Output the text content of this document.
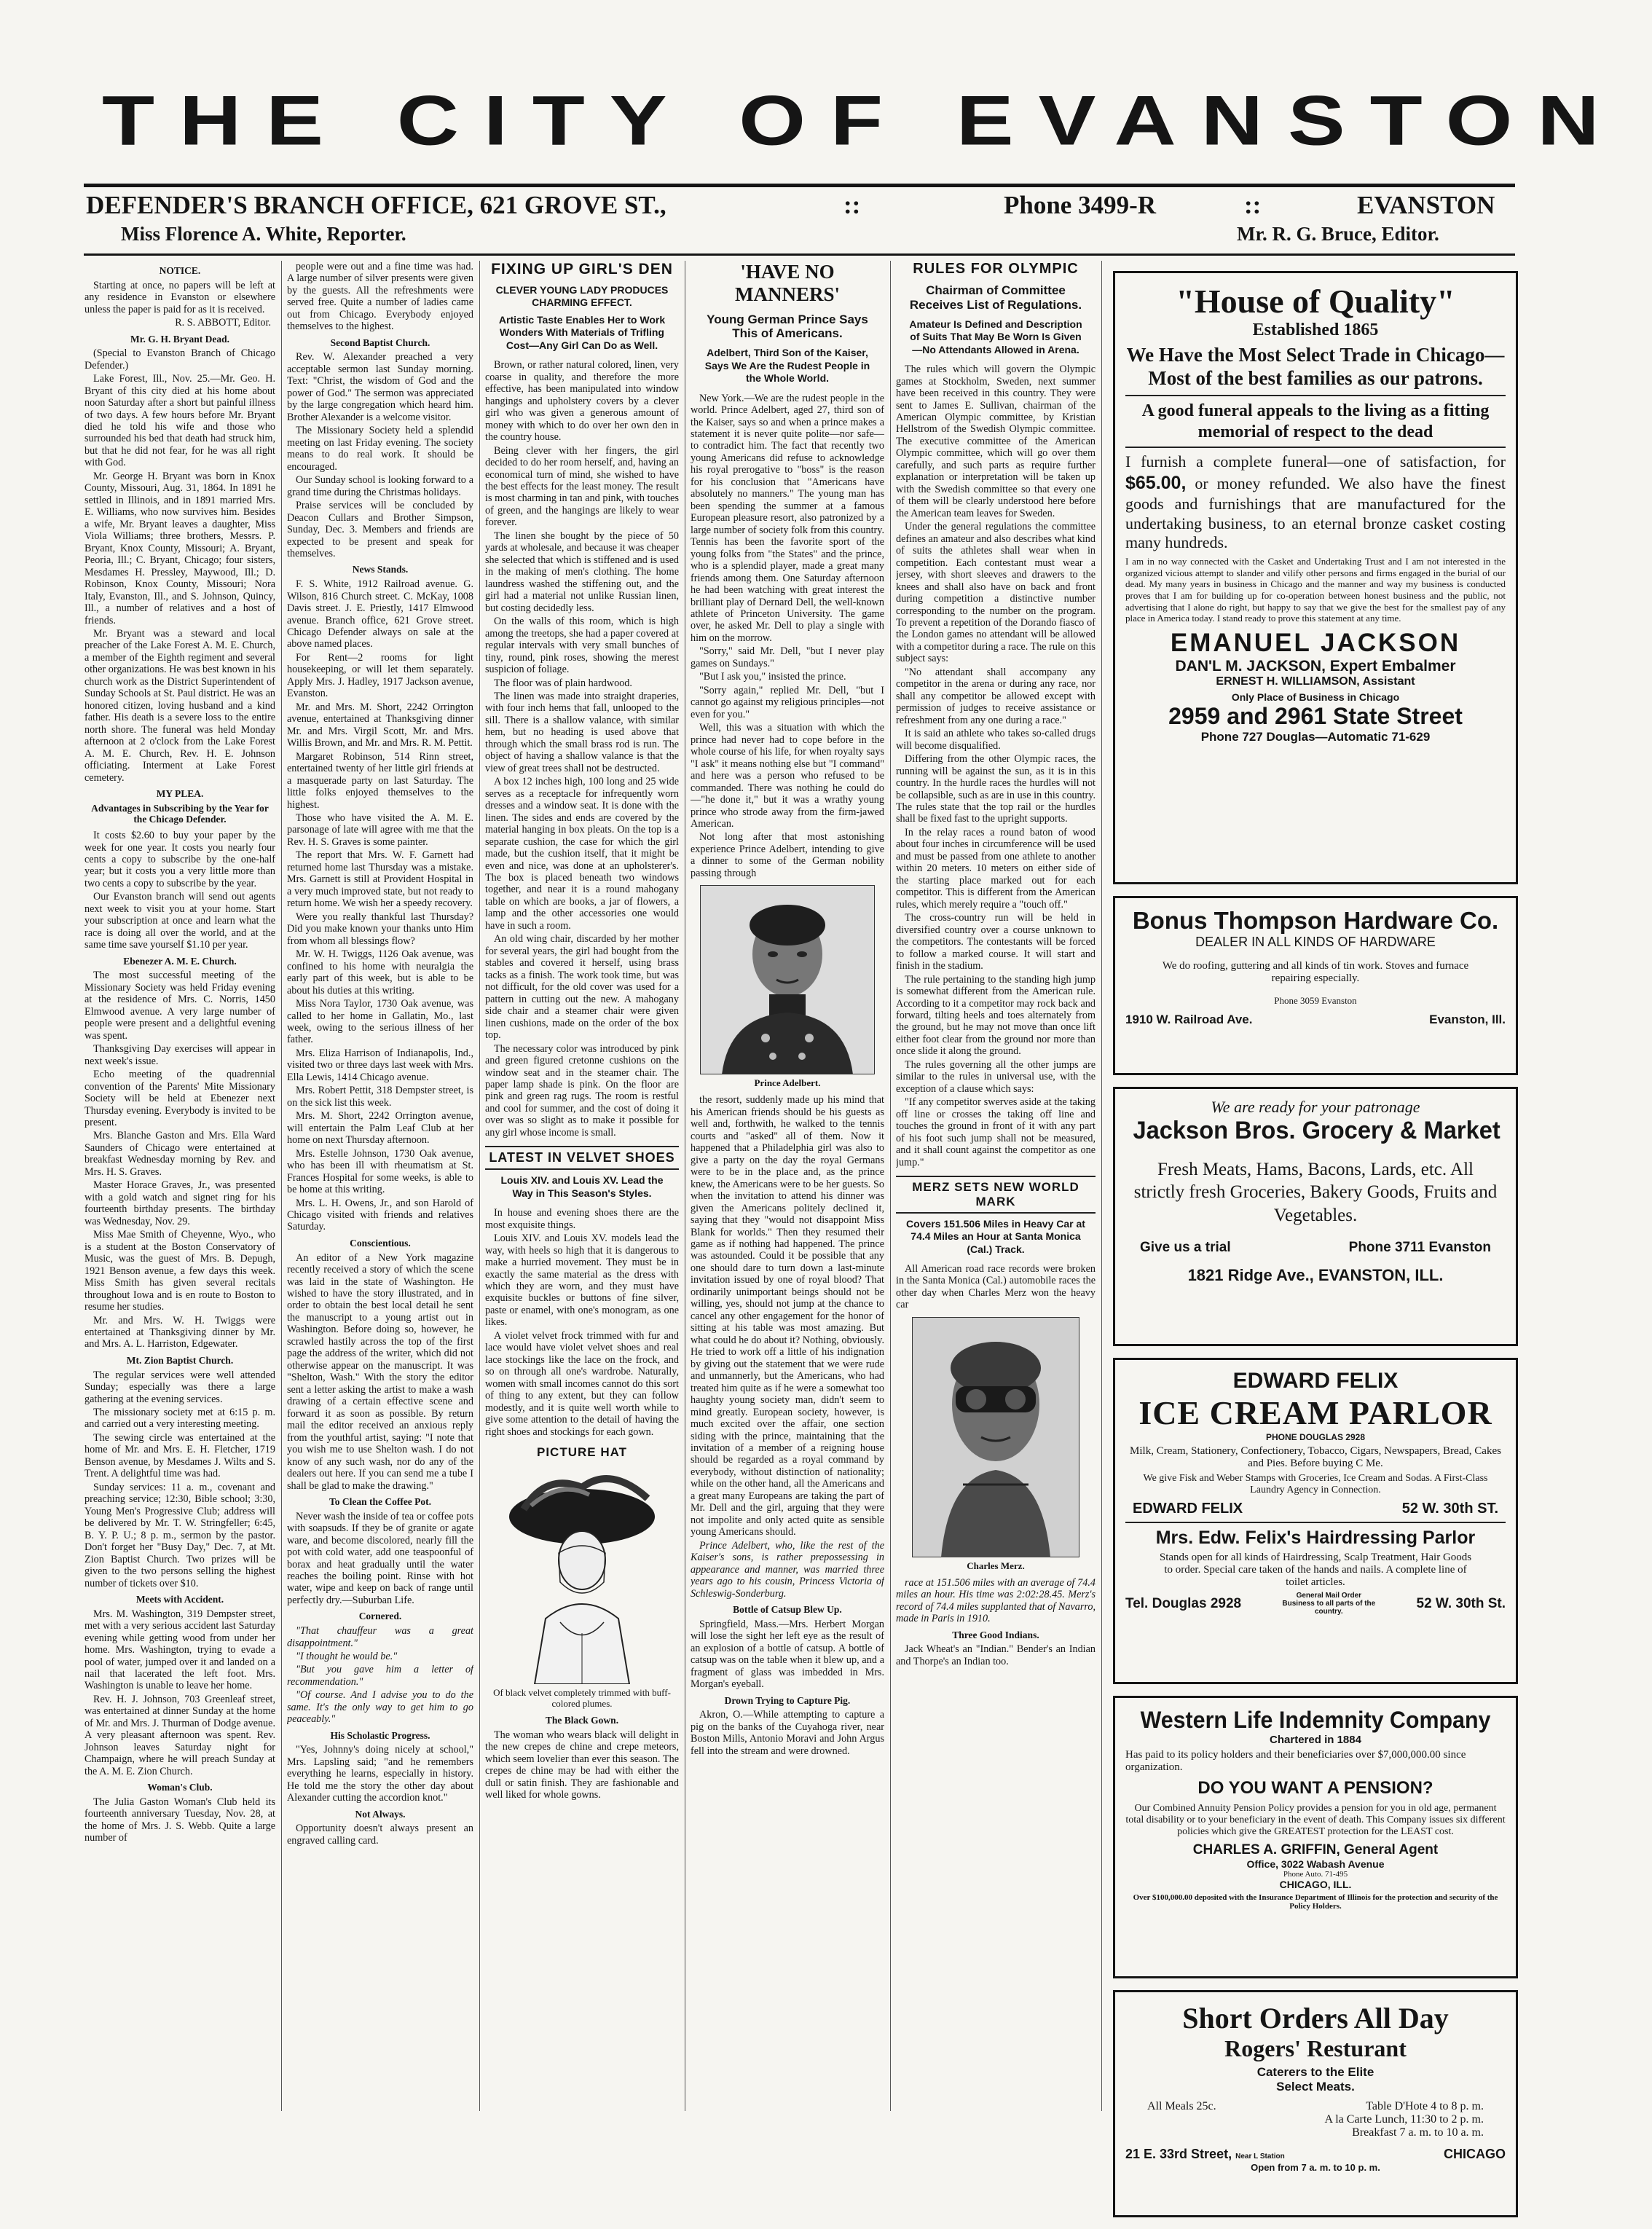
THE CITY OF EVANSTON
DEFENDER'S BRANCH OFFICE, 621 GROVE ST.,	::	Phone 3499-R	::	EVANSTON
Miss Florence A. White, Reporter.	Mr. R. G. Bruce, Editor.
NOTICE.

Starting at once, no papers will be left at any residence in Evanston or elsewhere unless the paper is paid for as it is received.

R. S. ABBOTT, Editor.
Mr. G. H. Bryant Dead.

(Special to Evanston Branch of Chicago Defender.)

Lake Forest, Ill., Nov. 25.—Mr. Geo. H. Bryant of this city died at his home about noon Saturday after a short but painful illness of two days. A few hours before Mr. Bryant died he told his wife and those who surrounded his bed that death had struck him, but that he did not fear, for he was all right with God.

Mr. George H. Bryant was born in Knox County, Missouri, Aug. 31, 1864. In 1891 he settled in Illinois, and in 1891 married Mrs. E. Williams, who now survives him. Besides a wife, Mr. Bryant leaves a daughter, Miss Viola Williams; three brothers, Messrs. P. Bryant, Knox County, Missouri; A. Bryant, Peoria, Ill.; C. Bryant, Chicago; four sisters, Mesdames H. Pressley, Maywood, Ill.; D. Robinson, Knox County, Missouri; Nora Italy, Evanston, Ill., and S. Johnson, Quincy, Ill., a number of relatives and a host of friends.

Mr. Bryant was a steward and local preacher of the Lake Forest A. M. E. Church, a member of the Eighth regiment and several other organizations. He was best known in his church work as the District Superintendent of Sunday Schools at St. Paul district. He was an honored citizen, loving husband and a kind father. His death is a severe loss to the entire north shore. The funeral was held Monday afternoon at 2 o'clock from the Lake Forest A. M. E. Church, Rev. H. E. Johnson officiating. Interment at Lake Forest cemetery.

MY PLEA.
Advantages in Subscribing by the Year for the Chicago Defender.

It costs $2.60 to buy your paper by the week for one year. It costs you nearly four cents a copy to subscribe by the one-half year; but it costs you a very little more than two cents a copy to subscribe by the year.

Our Evanston branch will send out agents next week to visit you at your home. Start your subscription at once and learn what the race is doing all over the world, and at the same time save yourself $1.10 per year.

Ebenezer A. M. E. Church.

The most successful meeting of the Missionary Society was held Friday evening at the residence of Mrs. C. Norris, 1450 Elmwood avenue. A very large number of people were present and a delightful evening was spent.

Thanksgiving Day exercises will appear in next week's issue.

Echo meeting of the quadrennial convention of the Parents' Mite Missionary Society will be held at Ebenezer next Thursday evening. Everybody is invited to be present.

Mrs. Blanche Gaston and Mrs. Ella Ward Saunders of Chicago were entertained at breakfast Wednesday morning by Rev. and Mrs. H. S. Graves.

Master Horace Graves, Jr., was presented with a gold watch and signet ring for his fourteenth birthday presents. The birthday was Wednesday, Nov. 29.

Miss Mae Smith of Cheyenne, Wyo., who is a student at the Boston Conservatory of Music, was the guest of Mrs. B. Depugh, 1921 Benson avenue, a few days this week. Miss Smith has given several recitals throughout Iowa and is en route to Boston to resume her studies.

Mr. and Mrs. W. H. Twiggs were entertained at Thanksgiving dinner by Mr. and Mrs. A. L. Harriston, Edgewater.

Mt. Zion Baptist Church.

The regular services were well attended Sunday; especially was there a large gathering at the evening services.

The missionary society met at 6:15 p. m. and carried out a very interesting meeting.

The sewing circle was entertained at the home of Mr. and Mrs. E. H. Fletcher, 1719 Benson avenue, by Mesdames J. Wilts and S. Trent. A delightful time was had.

Sunday services: 11 a. m., covenant and preaching service; 12:30, Bible school; 3:30, Young Men's Progressive Club; address will be delivered by Mr. T. W. Stringfeller; 6:45, B. Y. P. U.; 8 p. m., sermon by the pastor. Don't forget her "Busy Day," Dec. 7, at Mt. Zion Baptist Church. Two prizes will be given to the two persons selling the highest number of tickets over $10.

Meets with Accident.

Mrs. M. Washington, 319 Dempster street, met with a very serious accident last Saturday evening while getting wood from under her home. Mrs. Washington, trying to evade a pool of water, jumped over it and landed on a nail that lacerated the left foot. Mrs. Washington is unable to leave her home.

Rev. H. J. Johnson, 703 Greenleaf street, was entertained at dinner Sunday at the home of Mr. and Mrs. J. Thurman of Dodge avenue. A very pleasant afternoon was spent. Rev. Johnson leaves Saturday night for Champaign, where he will preach Sunday at the A. M. E. Zion Church.

Woman's Club.

The Julia Gaston Woman's Club held its fourteenth anniversary Tuesday, Nov. 28, at the home of Mrs. J. S. Webb. Quite a large number of

people were out and a fine time was had. A large number of silver presents were given by the guests. All the refreshments were served free. Quite a number of ladies came out from Chicago. Everybody enjoyed themselves to the highest.

Second Baptist Church.

Rev. W. Alexander preached a very acceptable sermon last Sunday morning. Text: "Christ, the wisdom of God and the power of God." The sermon was appreciated by the large congregation which heard him. Brother Alexander is a welcome visitor.

The Missionary Society held a splendid meeting on last Friday evening. The society means to do real work. It should be encouraged.

Our Sunday school is looking forward to a grand time during the Christmas holidays.

Praise services will be concluded by Deacon Cullars and Brother Simpson, Sunday, Dec. 3. Members and friends are expected to be present and speak for themselves.

News Stands.

F. S. White, 1912 Railroad avenue. G. Wilson, 816 Church street. C. McKay, 1008 Davis street. J. E. Priestly, 1417 Elmwood avenue. Branch office, 621 Grove street. Chicago Defender always on sale at the above named places.

For Rent—2 rooms for light housekeeping, or will let them separately. Apply Mrs. J. Hadley, 1917 Jackson avenue, Evanston.

Mr. and Mrs. M. Short, 2242 Orrington avenue, entertained at Thanksgiving dinner Mr. and Mrs. Virgil Scott, Mr. and Mrs. Willis Brown, and Mr. and Mrs. R. M. Pettit.

Margaret Robinson, 514 Rinn street, entertained twenty of her little girl friends at a masquerade party on last Saturday. The little folks enjoyed themselves to the highest.

Those who have visited the A. M. E. parsonage of late will agree with me that the Rev. H. S. Graves is some painter.

The report that Mrs. W. F. Garnett had returned home last Thursday was a mistake. Mrs. Garnett is still at Provident Hospital in a very much improved state, but not ready to return home. We wish her a speedy recovery.

Were you really thankful last Thursday? Did you make known your thanks unto Him from whom all blessings flow?

Mr. W. H. Twiggs, 1126 Oak avenue, was confined to his home with neuralgia the early part of this week, but is able to be about his duties at this writing.

Miss Nora Taylor, 1730 Oak avenue, was called to her home in Gallatin, Mo., last week, owing to the serious illness of her father.

Mrs. Eliza Harrison of Indianapolis, Ind., visited two or three days last week with Mrs. Ella Lewis, 1414 Chicago avenue.

Mrs. Robert Pettit, 318 Dempster street, is on the sick list this week.

Mrs. M. Short, 2242 Orrington avenue, will entertain the Palm Leaf Club at her home on next Thursday afternoon.

Mrs. Estelle Johnson, 1730 Oak avenue, who has been ill with rheumatism at St. Frances Hospital for some weeks, is able to be home at this writing.

Mrs. L. H. Owens, Jr., and son Harold of Chicago visited with friends and relatives Saturday.

Conscientious.

An editor of a New York magazine recently received a story of which the scene was laid in the state of Washington. He wished to have the story illustrated, and in order to obtain the best local detail he sent the manuscript to a young artist out in Washington. Before doing so, however, he scrawled hastily across the top of the first page the address of the writer, which did not otherwise appear on the manuscript. It was "Shelton, Wash." With the story the editor sent a letter asking the artist to make a wash drawing of a certain effective scene and forward it as soon as possible. By return mail the editor received an anxious reply from the youthful artist, saying: "I note that you wish me to use Shelton wash. I do not know of any such wash, nor do any of the dealers out here. If you can send me a tube I shall be glad to make the drawing."

To Clean the Coffee Pot.

Never wash the inside of tea or coffee pots with soapsuds. If they be of granite or agate ware, and become discolored, nearly fill the pot with cold water, add one teaspoonful of borax and heat gradually until the water reaches the boiling point. Rinse with hot water, wipe and keep on back of range until perfectly dry.—Suburban Life.

Cornered.

"That chauffeur was a great disappointment."

"I thought he would be."

"But you gave him a letter of recommendation."

"Of course. And I advise you to do the same. It's the only way to get him to go peaceably."

His Scholastic Progress.

"Yes, Johnny's doing nicely at school," Mrs. Lapsling said; "and he remembers everything he learns, especially in history. He told me the story the other day about Alexander cutting the accordion knot."

Not Always.

Opportunity doesn't always present an engraved calling card.

FIXING UP GIRL'S DEN
CLEVER YOUNG LADY PRODUCES CHARMING EFFECT.
Artistic Taste Enables Her to Work Wonders With Materials of Trifling Cost—Any Girl Can Do as Well.

Brown, or rather natural colored, linen, very coarse in quality, and therefore the more effective, has been manipulated into window hangings and upholstery covers by a clever girl who was given a generous amount of money with which to do over her own den in the country house.

Being clever with her fingers, the girl decided to do her room herself, and, having an economical turn of mind, she wished to have the best effects for the least money. The result is most charming in tan and pink, with touches of green, and the hangings are likely to wear forever.

The linen she bought by the piece of 50 yards at wholesale, and because it was cheaper she selected that which is stiffened and is used in the making of men's clothing. The home laundress washed the stiffening out, and the girl had a material not unlike Russian linen, but costing decidedly less.

On the walls of this room, which is high among the treetops, she had a paper covered at regular intervals with very small bunches of tiny, round, pink roses, showing the merest suspicion of foliage.

The floor was of plain hardwood.

The linen was made into straight draperies, with four inch hems that fall, unlooped to the sill. There is a shallow valance, with similar hem, but no heading is used above that through which the small brass rod is run. The object of having a shallow valance is that the view of great trees shall not be destructed.

A box 12 inches high, 100 long and 25 wide serves as a receptacle for infrequently worn dresses and a window seat. It is done with the linen. The sides and ends are covered by the material hanging in box pleats. On the top is a separate cushion, the case for which the girl made, but the cushion itself, that it might be even and nice, was done at an upholsterer's. The box is placed beneath two windows together, and near it is a round mahogany table on which are books, a jar of flowers, a lamp and the other accessories one would have in such a room.

An old wing chair, discarded by her mother for several years, the girl had bought from the stables and covered it herself, using brass tacks as a finish. The work took time, but was not difficult, for the old cover was used for a pattern in cutting out the new. A mahogany side chair and a steamer chair were given linen cushions, made on the order of the box top.

The necessary color was introduced by pink and green figured cretonne cushions on the window seat and in the steamer chair. The paper lamp shade is pink. On the floor are pink and green rag rugs. The room is restful and cool for summer, and the cost of doing it over was so slight as to make it possible for any girl whose income is small.

LATEST IN VELVET SHOES
Louis XIV. and Louis XV. Lead the Way in This Season's Styles.

In house and evening shoes there are the most exquisite things.

Louis XIV. and Louis XV. models lead the way, with heels so high that it is dangerous to make a hurried movement. They must be in exactly the same material as the dress with which they are worn, and they must have exquisite buckles or buttons of fine silver, paste or enamel, with one's monogram, as one likes.

A violet velvet frock trimmed with fur and lace would have violet velvet shoes and real lace stockings like the lace on the frock, and so on through all one's wardrobe. Naturally, women with small incomes cannot do this sort of thing to any extent, but they can follow modestly, and it is quite well worth while to give some attention to the detail of having the right shoes and stockings for each gown.

PICTURE HAT
Of black velvet completely trimmed with buff-colored plumes.
The Black Gown.

The woman who wears black will delight in the new crepes de chine and crepe meteors, which seem lovelier than ever this season. The crepes de chine may be had with either the dull or satin finish. They are fashionable and well liked for whole gowns.

'HAVE NO MANNERS'
Young German Prince Says This of Americans.
Adelbert, Third Son of the Kaiser, Says We Are the Rudest People in the Whole World.

New York.—We are the rudest people in the world. Prince Adelbert, aged 27, third son of the Kaiser, says so and when a prince makes a statement it is never quite polite—nor safe—to contradict him. The fact that recently two young Americans did refuse to acknowledge his royal prerogative to "boss" is the reason for his conclusion that "Americans have absolutely no manners." The young man has been spending the summer at a famous European pleasure resort, also patronized by a large number of society folk from this country. Tennis has been the favorite sport of the young folks from "the States" and the prince, who is a splendid player, made a great many friends among them. One Saturday afternoon he had been watching with great interest the brilliant play of Dernard Dell, the well-known athlete of Princeton University. The game over, he asked Mr. Dell to play a single with him on the morrow.

"Sorry," said Mr. Dell, "but I never play games on Sundays."

"But I ask you," insisted the prince.

"Sorry again," replied Mr. Dell, "but I cannot go against my religious principles—not even for you."

Well, this was a situation with which the prince had never had to cope before in the whole course of his life, for when royalty says "I ask" it means nothing else but "I command" and here was a person who refused to be commanded. There was nothing he could do—"he done it," but it was a wrathy young prince who strode away from the firm-jawed American.

Not long after that most astonishing experience Prince Adelbert, intending to give a dinner to some of the German nobility passing through

Prince Adelbert.

the resort, suddenly made up his mind that his American friends should be his guests as well and, forthwith, he walked to the tennis courts and "asked" all of them. Now it happened that a Philadelphia girl was also to give a party on the day the royal Germans were to be in the place and, as the prince knew, the Americans were to be her guests. So when the invitation to attend his dinner was given the Americans politely declined it, saying that they "would not disappoint Miss Blank for worlds." Then they resumed their game as if nothing had happened. The prince was astounded. Could it be possible that any one should dare to turn down a last-minute invitation issued by one of royal blood? That ordinarily unimportant beings should not be willing, yes, should not jump at the chance to cancel any other engagement for the honor of sitting at his table was most amazing. But what could he do about it? Nothing, obviously. He tried to work off a little of his indignation by giving out the statement that we were rude and unmannerly, but the Americans, who had treated him quite as if he were a somewhat too haughty young society man, didn't seem to mind greatly. European society, however, is much excited over the affair, one section siding with the prince, maintaining that the invitation of a member of a reigning house should be regarded as a royal command by everybody, without distinction of nationality; while on the other hand, all the Americans and a great many Europeans are taking the part of Mr. Dell and the girl, arguing that they were not impolite and only acted quite as sensible young Americans should.

Prince Adelbert, who, like the rest of the Kaiser's sons, is rather prepossessing in appearance and manner, was married three years ago to his cousin, Princess Victoria of Schleswig-Sonderburg.

Bottle of Catsup Blew Up.

Springfield, Mass.—Mrs. Herbert Morgan will lose the sight her left eye as the result of an explosion of a bottle of catsup. A bottle of catsup was on the table when it blew up, and a fragment of glass was imbedded in Mrs. Morgan's eyeball.

Drown Trying to Capture Pig.

Akron, O.—While attempting to capture a pig on the banks of the Cuyahoga river, near Boston Mills, Antonio Moravi and John Argus fell into the stream and were drowned.

RULES FOR OLYMPIC
Chairman of Committee Receives List of Regulations.
Amateur Is Defined and Description of Suits That May Be Worn Is Given —No Attendants Allowed in Arena.

The rules which will govern the Olympic games at Stockholm, Sweden, next summer have been received in this country. They were sent to James E. Sullivan, chairman of the American Olympic committee, by Kristian Hellstrom of the Swedish Olympic committee. The executive committee of the American Olympic committee, which will go over them carefully, and such parts as require further explanation or interpretation will be taken up with the Swedish committee so that every one of them will be clearly understood here before the American team leaves for Sweden.

Under the general regulations the committee defines an amateur and also describes what kind of suits the athletes shall wear when in competition. Each contestant must wear a jersey, with short sleeves and drawers to the knees and shall also have on back and front during competition a distinctive number corresponding to the number on the program. To prevent a repetition of the Dorando fiasco of the London games no attendant will be allowed with a competitor during a race. The rule on this subject says:

"No attendant shall accompany any competitor in the arena or during any race, nor shall any competitor be allowed except with permission of judges to receive assistance or refreshment from any one during a race."

It is said an athlete who takes so-called drugs will become disqualified.

Differing from the other Olympic races, the running will be against the sun, as it is in this country. In the hurdle races the hurdles will not be collapsible, such as are in use in this country. The rules state that the top rail or the hurdles shall be fixed fast to the upright supports.

In the relay races a round baton of wood about four inches in circumference will be used and must be passed from one athlete to another within 20 meters. 10 meters on either side of the starting place marked out for each competitor. This is different from the American rules, which merely require a "touch off."

The cross-country run will be held in diversified country over a course unknown to the competitors. The contestants will be forced to follow a marked course. It will start and finish in the stadium.

The rule pertaining to the standing high jump is somewhat different from the American rule. According to it a competitor may rock back and forward, tilting heels and toes alternately from the ground, but he may not move than once lift either foot clear from the ground nor more than once slide it along the ground.

The rules governing all the other jumps are similar to the rules in universal use, with the exception of a clause which says:

"If any competitor swerves aside at the taking off line or crosses the taking off line and touches the ground in front of it with any part of his foot such jump shall not be measured, and it shall count against the competitor as one jump."

MERZ SETS NEW WORLD MARK
Covers 151.506 Miles in Heavy Car at 74.4 Miles an Hour at Santa Monica (Cal.) Track.

All American road race records were broken in the Santa Monica (Cal.) automobile races the other day when Charles Merz won the heavy car

Charles Merz.

race at 151.506 miles with an average of 74.4 miles an hour. His time was 2:02:28.45. Merz's record of 74.4 miles supplanted that of Navarro, made in Paris in 1910.

Three Good Indians.

Jack Wheat's an "Indian." Bender's an Indian and Thorpe's an Indian too.

"House of Quality"
Established 1865

We Have the Most Select Trade in Chicago—Most of the best families as our patrons.

A good funeral appeals to the living as a fitting memorial of respect to the dead

I furnish a complete funeral—one of satisfaction, for $65.00, or money refunded. We also have the finest goods and furnishings that are manufactured for the undertaking business, to an eternal bronze casket costing many hundreds.

I am in no way connected with the Casket and Undertaking Trust and I am not interested in the organized vicious attempt to slander and vilify other persons and firms engaged in the burial of our dead. My many years in business in Chicago and the manner and way my business is conducted proves that I am for building up for co-operation between honest business and the public, not advertising that I alone do right, but happy to say that we give the best for the smallest pay of any place in America today. I stand ready to prove this statement at any time.

EMANUEL JACKSON
DAN'L M. JACKSON, Expert Embalmer
ERNEST H. WILLIAMSON, Assistant
Only Place of Business in Chicago
2959 and 2961 State Street
Phone 727 Douglas—Automatic 71-629
Bonus Thompson Hardware Co.
DEALER IN ALL KINDS OF HARDWARE

We do roofing, guttering and all kinds of tin work. Stoves and furnace repairing especially.

Phone 3059 Evanston
1910 W. Railroad Ave.	Evanston, Ill.
We are ready for your patronage
Jackson Bros. Grocery & Market

Fresh Meats, Hams, Bacons, Lards, etc. All strictly fresh Groceries, Bakery Goods, Fruits and Vegetables.

Give us a trial	Phone 3711 Evanston
1821 Ridge Ave., EVANSTON, ILL.
EDWARD FELIX
ICE CREAM PARLOR
PHONE DOUGLAS 2928

Milk, Cream, Stationery, Confectionery, Tobacco, Cigars, Newspapers, Bread, Cakes and Pies. Before buying C Me.

We give Fisk and Weber Stamps with Groceries, Ice Cream and Sodas. A First-Class Laundry Agency in Connection.

EDWARD FELIX	52 W. 30th ST.
Mrs. Edw. Felix's Hairdressing Parlor

Stands open for all kinds of Hairdressing, Scalp Treatment, Hair Goods to order. Special care taken of the hands and nails. A complete line of toilet articles.

Tel. Douglas 2928	General Mail Order Business to all parts of the country.
52 W. 30th St.
Western Life Indemnity Company
Chartered in 1884

Has paid to its policy holders and their beneficiaries over $7,000,000.00 since organization.

DO YOU WANT A PENSION?

Our Combined Annuity Pension Policy provides a pension for you in old age, permanent total disability or to your beneficiary in the event of death. This Company issues six different policies which give the GREATEST protection for the LEAST cost.

CHARLES A. GRIFFIN, General Agent
Office, 3022 Wabash Avenue
Phone Auto. 71-495
CHICAGO, ILL.

Over $100,000.00 deposited with the Insurance Department of Illinois for the protection and security of the Policy Holders.

Short Orders All Day
Rogers' Resturant
Caterers to the Elite
Select Meats.
All Meals 25c.	Table D'Hote 4 to 8 p. m.
A la Carte Lunch, 11:30 to 2 p. m.
Breakfast 7 a. m. to 10 a. m.
21 E. 33rd Street, Near L Station	CHICAGO
Open from 7 a. m. to 10 p. m.
